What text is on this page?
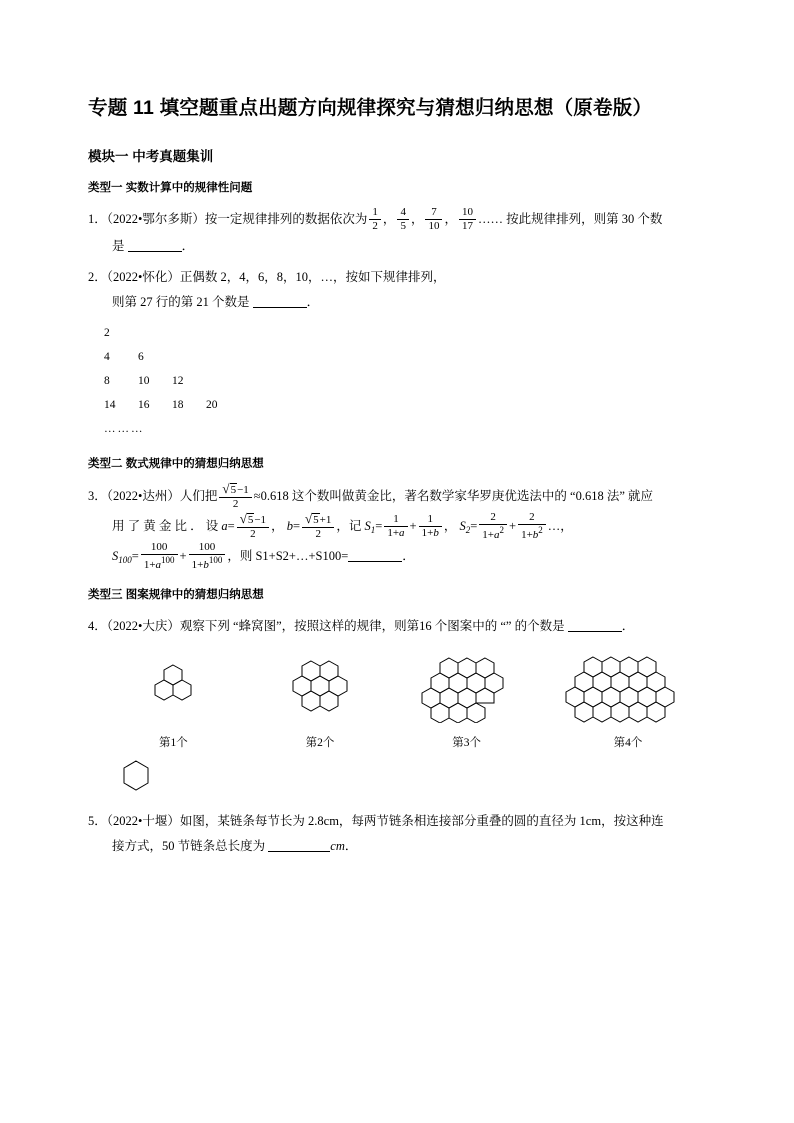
专题 11 填空题重点出题方向规律探究与猜想归纳思想（原卷版）
模块一 中考真题集训
类型一 实数计算中的规律性问题
1．（2022•鄂尔多斯）按一定规律排列的数据依次为 $\frac{1}{2}$ ， $\frac{4}{5}$ ， $\frac{7}{10}$ ， $\frac{10}{17}$ …… 按此规律排列，则第 30 个数
是	．
2．（2022•怀化）正偶数 2，4，6，8，10，…，按如下规律排列，
则第 27 行的第 21 个数是	．
2
4 6
8 10 12
14 16 18 20
………
类型二 数式规律中的猜想归纳思想
3．（2022•达州）人们把 $\frac{√5-1}{2} \approx 0.618$ 这个数叫做黄金比，著名数学家华罗庚优选法中的 “0.618 法” 就应
用 了 黄 金 比 ． 设 $a= \frac{√5-1}{2}$ ， $b= \frac{√5+1}{2}$ ，记 $S_1= \frac{1}{1+a} + \frac{1}{1+b}$ ， $S_2= \frac{2}{1+a^2} + \frac{2}{1+b^2}$ …，
$S_{100}= \frac{100}{1+a^{100}} + \frac{100}{1+b^{100}}$ ，则 S1+S2+…+S100=	．
类型三 图案规律中的猜想归纳思想
4．（2022•大庆）观察下列 “蜂窝图”，按照这样的规律，则第16 个图案中的 “” 的个数是	．
第1个	第2个	第3个	第4个
5．（2022•十堰）如图，某链条每节长为 2.8cm，每两节链条相连接部分重叠的圆的直径为 1cm，按这种连
接方式，50 节链条总长度为	cm．
